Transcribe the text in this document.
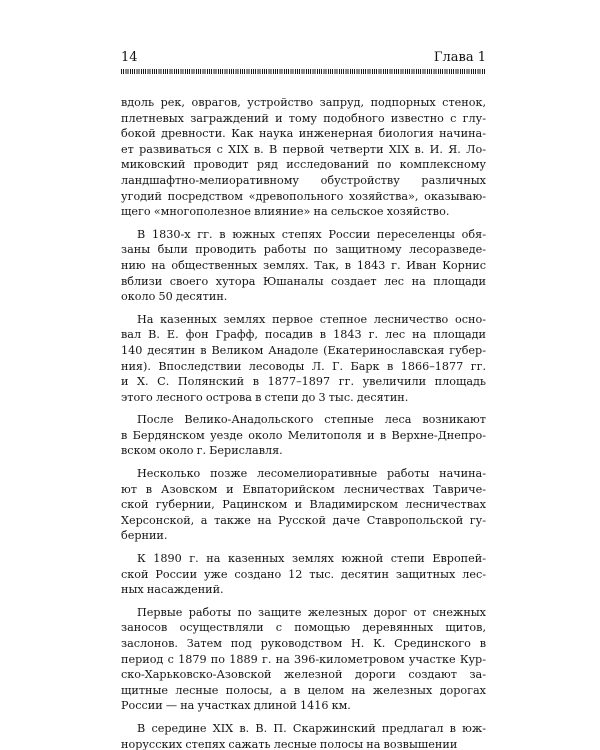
14	Глава 1

вдоль рек, оврагов, устройство запруд, подпорных стенок,
плетневых заграждений и тому подобного известно с глу-
бокой древности. Как наука инженерная биология начина-
ет развиваться с XIX в. В первой четверти XIX в. И. Я. Ло-
миковский проводит ряд исследований по комплексному
ландшафтно-мелиоративному обустройству различных
угодий посредством «древопольного хозяйства», оказываю-
щего «многополезное влияние» на сельское хозяйство.

В 1830-х гг. в южных степях России переселенцы обя-
заны были проводить работы по защитному лесоразведе-
нию на общественных землях. Так, в 1843 г. Иван Корнис
вблизи своего хутора Юшаналы создает лес на площади
около 50 десятин.

На казенных землях первое степное лесничество осно-
вал В. Е. фон Графф, посадив в 1843 г. лес на площади
140 десятин в Великом Анадоле (Екатеринославская губер-
ния). Впоследствии лесоводы Л. Г. Барк в 1866–1877 гг.
и Х. С. Полянский в 1877–1897 гг. увеличили площадь
этого лесного острова в степи до 3 тыс. десятин.

После Велико-Анадольского степные леса возникают
в Бердянском уезде около Мелитополя и в Верхне-Днепро-
вском около г. Бериславля.

Несколько позже лесомелиоративные работы начина-
ют в Азовском и Евпаторийском лесничествах Тавриче-
ской губернии, Рацинском и Владимирском лесничествах
Херсонской, а также на Русской даче Ставропольской гу-
бернии.

К 1890 г. на казенных землях южной степи Европей-
ской России уже создано 12 тыс. десятин защитных лес-
ных насаждений.

Первые работы по защите железных дорог от снежных
заносов осуществляли с помощью деревянных щитов,
заслонов. Затем под руководством Н. К. Срединского в
период с 1879 по 1889 г. на 396-километровом участке Кур-
ско-Харьковско-Азовской железной дороги создают за-
щитные лесные полосы, а в целом на железных дорогах
России — на участках длиной 1416 км.

В середине XIX в. В. П. Скаржинский предлагал в юж-
норусских степях сажать лесные полосы на возвышении
